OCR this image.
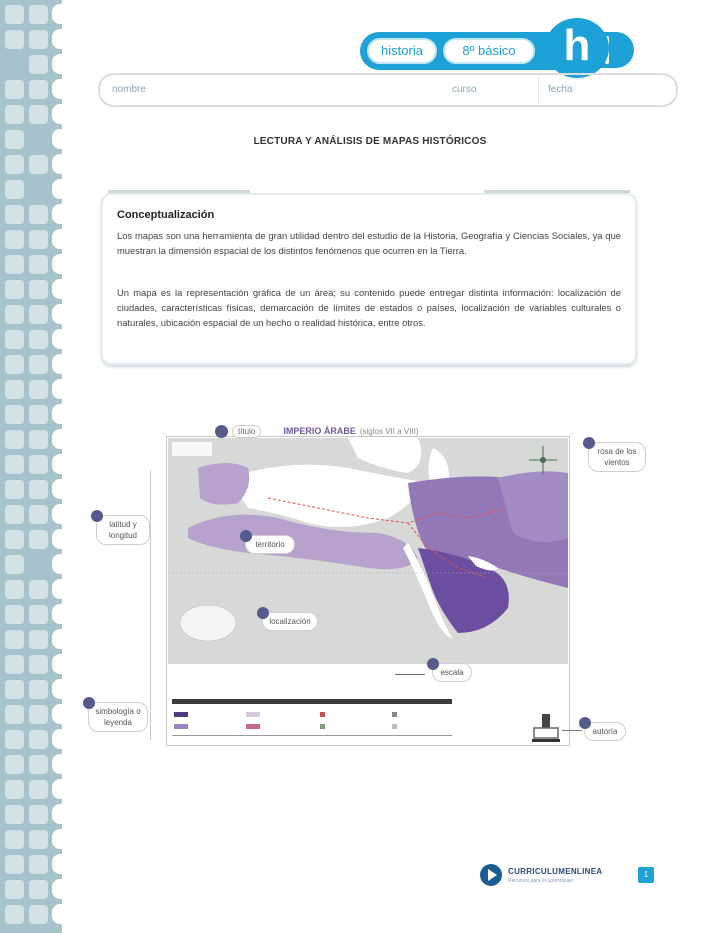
historia	8º básico	h
nombre	curso	fecha
LECTURA Y ANÁLISIS DE MAPAS HISTÓRICOS
Conceptualización

Los mapas son una herramienta de gran utilidad dentro del estudio de la Historia, Geografía y Ciencias Sociales, ya que muestran la dimensión espacial de los distintos fenómenos que ocurren en la Tierra.

Un mapa es la representación gráfica de un área; su contenido puede entregar distinta información: localización de ciudades, características físicas, demarcación de límites de estados o países, localización de variables culturales o naturales, ubicación espacial de un hecho o realidad histórica, entre otros.

título	IMPERIO ÁRABE (siglos VII a VIII)
rosa de los vientos
latitud y longitud
territorio
localización
escala
simbología o leyenda
autoría
CURRICULUMENLINEA
Recursos para el aprendizaje
1
